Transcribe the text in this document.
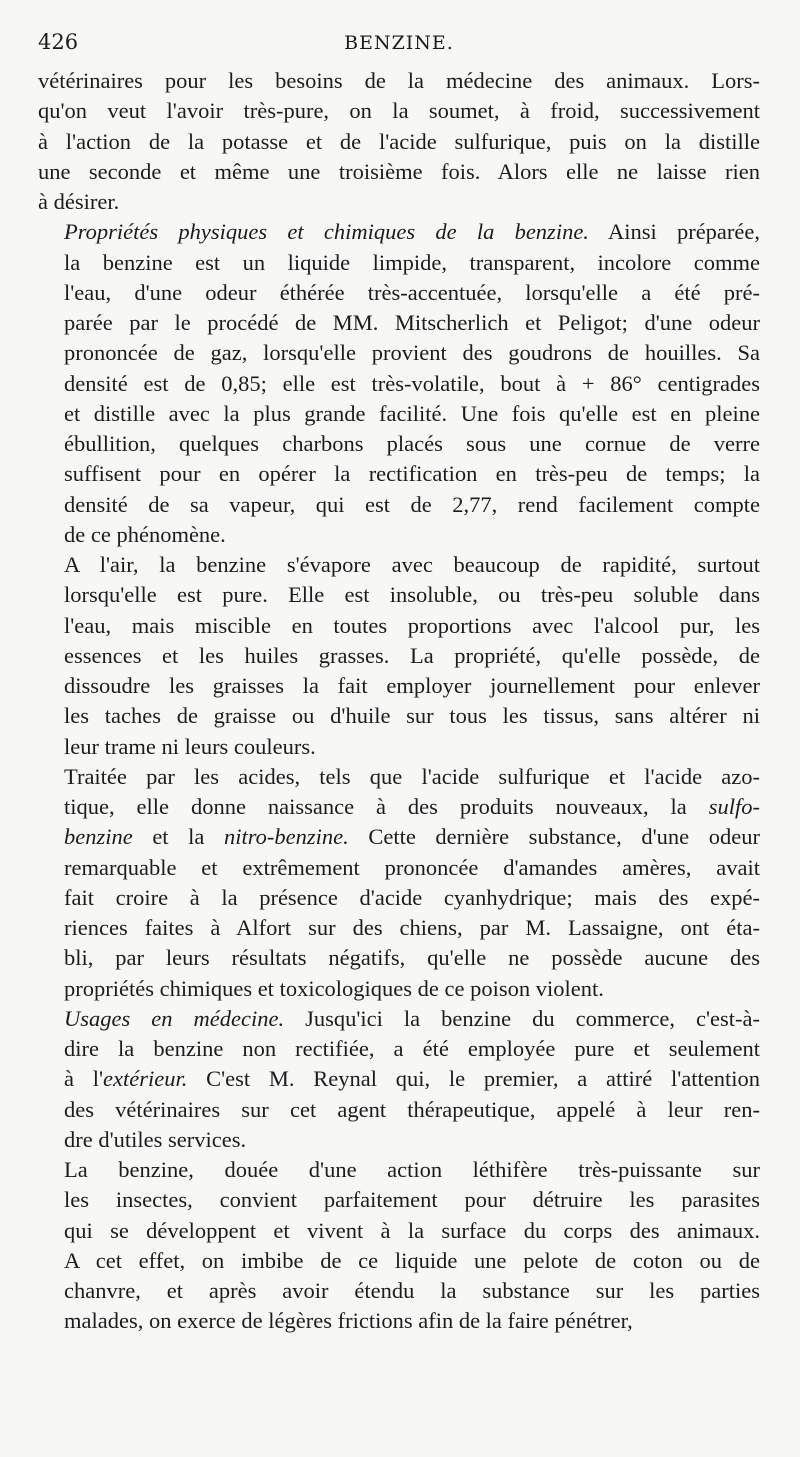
426	BENZINE.
vétérinaires pour les besoins de la médecine des animaux. Lors-
qu'on veut l'avoir très-pure, on la soumet, à froid, successivement
à l'action de la potasse et de l'acide sulfurique, puis on la distille
une seconde et même une troisième fois. Alors elle ne laisse rien
à désirer.
Propriétés physiques et chimiques de la benzine. Ainsi préparée,
la benzine est un liquide limpide, transparent, incolore comme
l'eau, d'une odeur éthérée très-accentuée, lorsqu'elle a été pré-
parée par le procédé de MM. Mitscherlich et Peligot; d'une odeur
prononcée de gaz, lorsqu'elle provient des goudrons de houilles. Sa
densité est de 0,85; elle est très-volatile, bout à + 86° centigrades
et distille avec la plus grande facilité. Une fois qu'elle est en pleine
ébullition, quelques charbons placés sous une cornue de verre
suffisent pour en opérer la rectification en très-peu de temps; la
densité de sa vapeur, qui est de 2,77, rend facilement compte
de ce phénomène.
A l'air, la benzine s'évapore avec beaucoup de rapidité, surtout
lorsqu'elle est pure. Elle est insoluble, ou très-peu soluble dans
l'eau, mais miscible en toutes proportions avec l'alcool pur, les
essences et les huiles grasses. La propriété, qu'elle possède, de
dissoudre les graisses la fait employer journellement pour enlever
les taches de graisse ou d'huile sur tous les tissus, sans altérer ni
leur trame ni leurs couleurs.
Traitée par les acides, tels que l'acide sulfurique et l'acide azo-
tique, elle donne naissance à des produits nouveaux, la sulfo-
benzine et la nitro-benzine. Cette dernière substance, d'une odeur
remarquable et extrêmement prononcée d'amandes amères, avait
fait croire à la présence d'acide cyanhydrique; mais des expé-
riences faites à Alfort sur des chiens, par M. Lassaigne, ont éta-
bli, par leurs résultats négatifs, qu'elle ne possède aucune des
propriétés chimiques et toxicologiques de ce poison violent.
Usages en médecine. Jusqu'ici la benzine du commerce, c'est-à-
dire la benzine non rectifiée, a été employée pure et seulement
à l'extérieur. C'est M. Reynal qui, le premier, a attiré l'attention
des vétérinaires sur cet agent thérapeutique, appelé à leur ren-
dre d'utiles services.
La benzine, douée d'une action léthifère très-puissante sur
les insectes, convient parfaitement pour détruire les parasites
qui se développent et vivent à la surface du corps des animaux.
A cet effet, on imbibe de ce liquide une pelote de coton ou de
chanvre, et après avoir étendu la substance sur les parties
malades, on exerce de légères frictions afin de la faire pénétrer,
